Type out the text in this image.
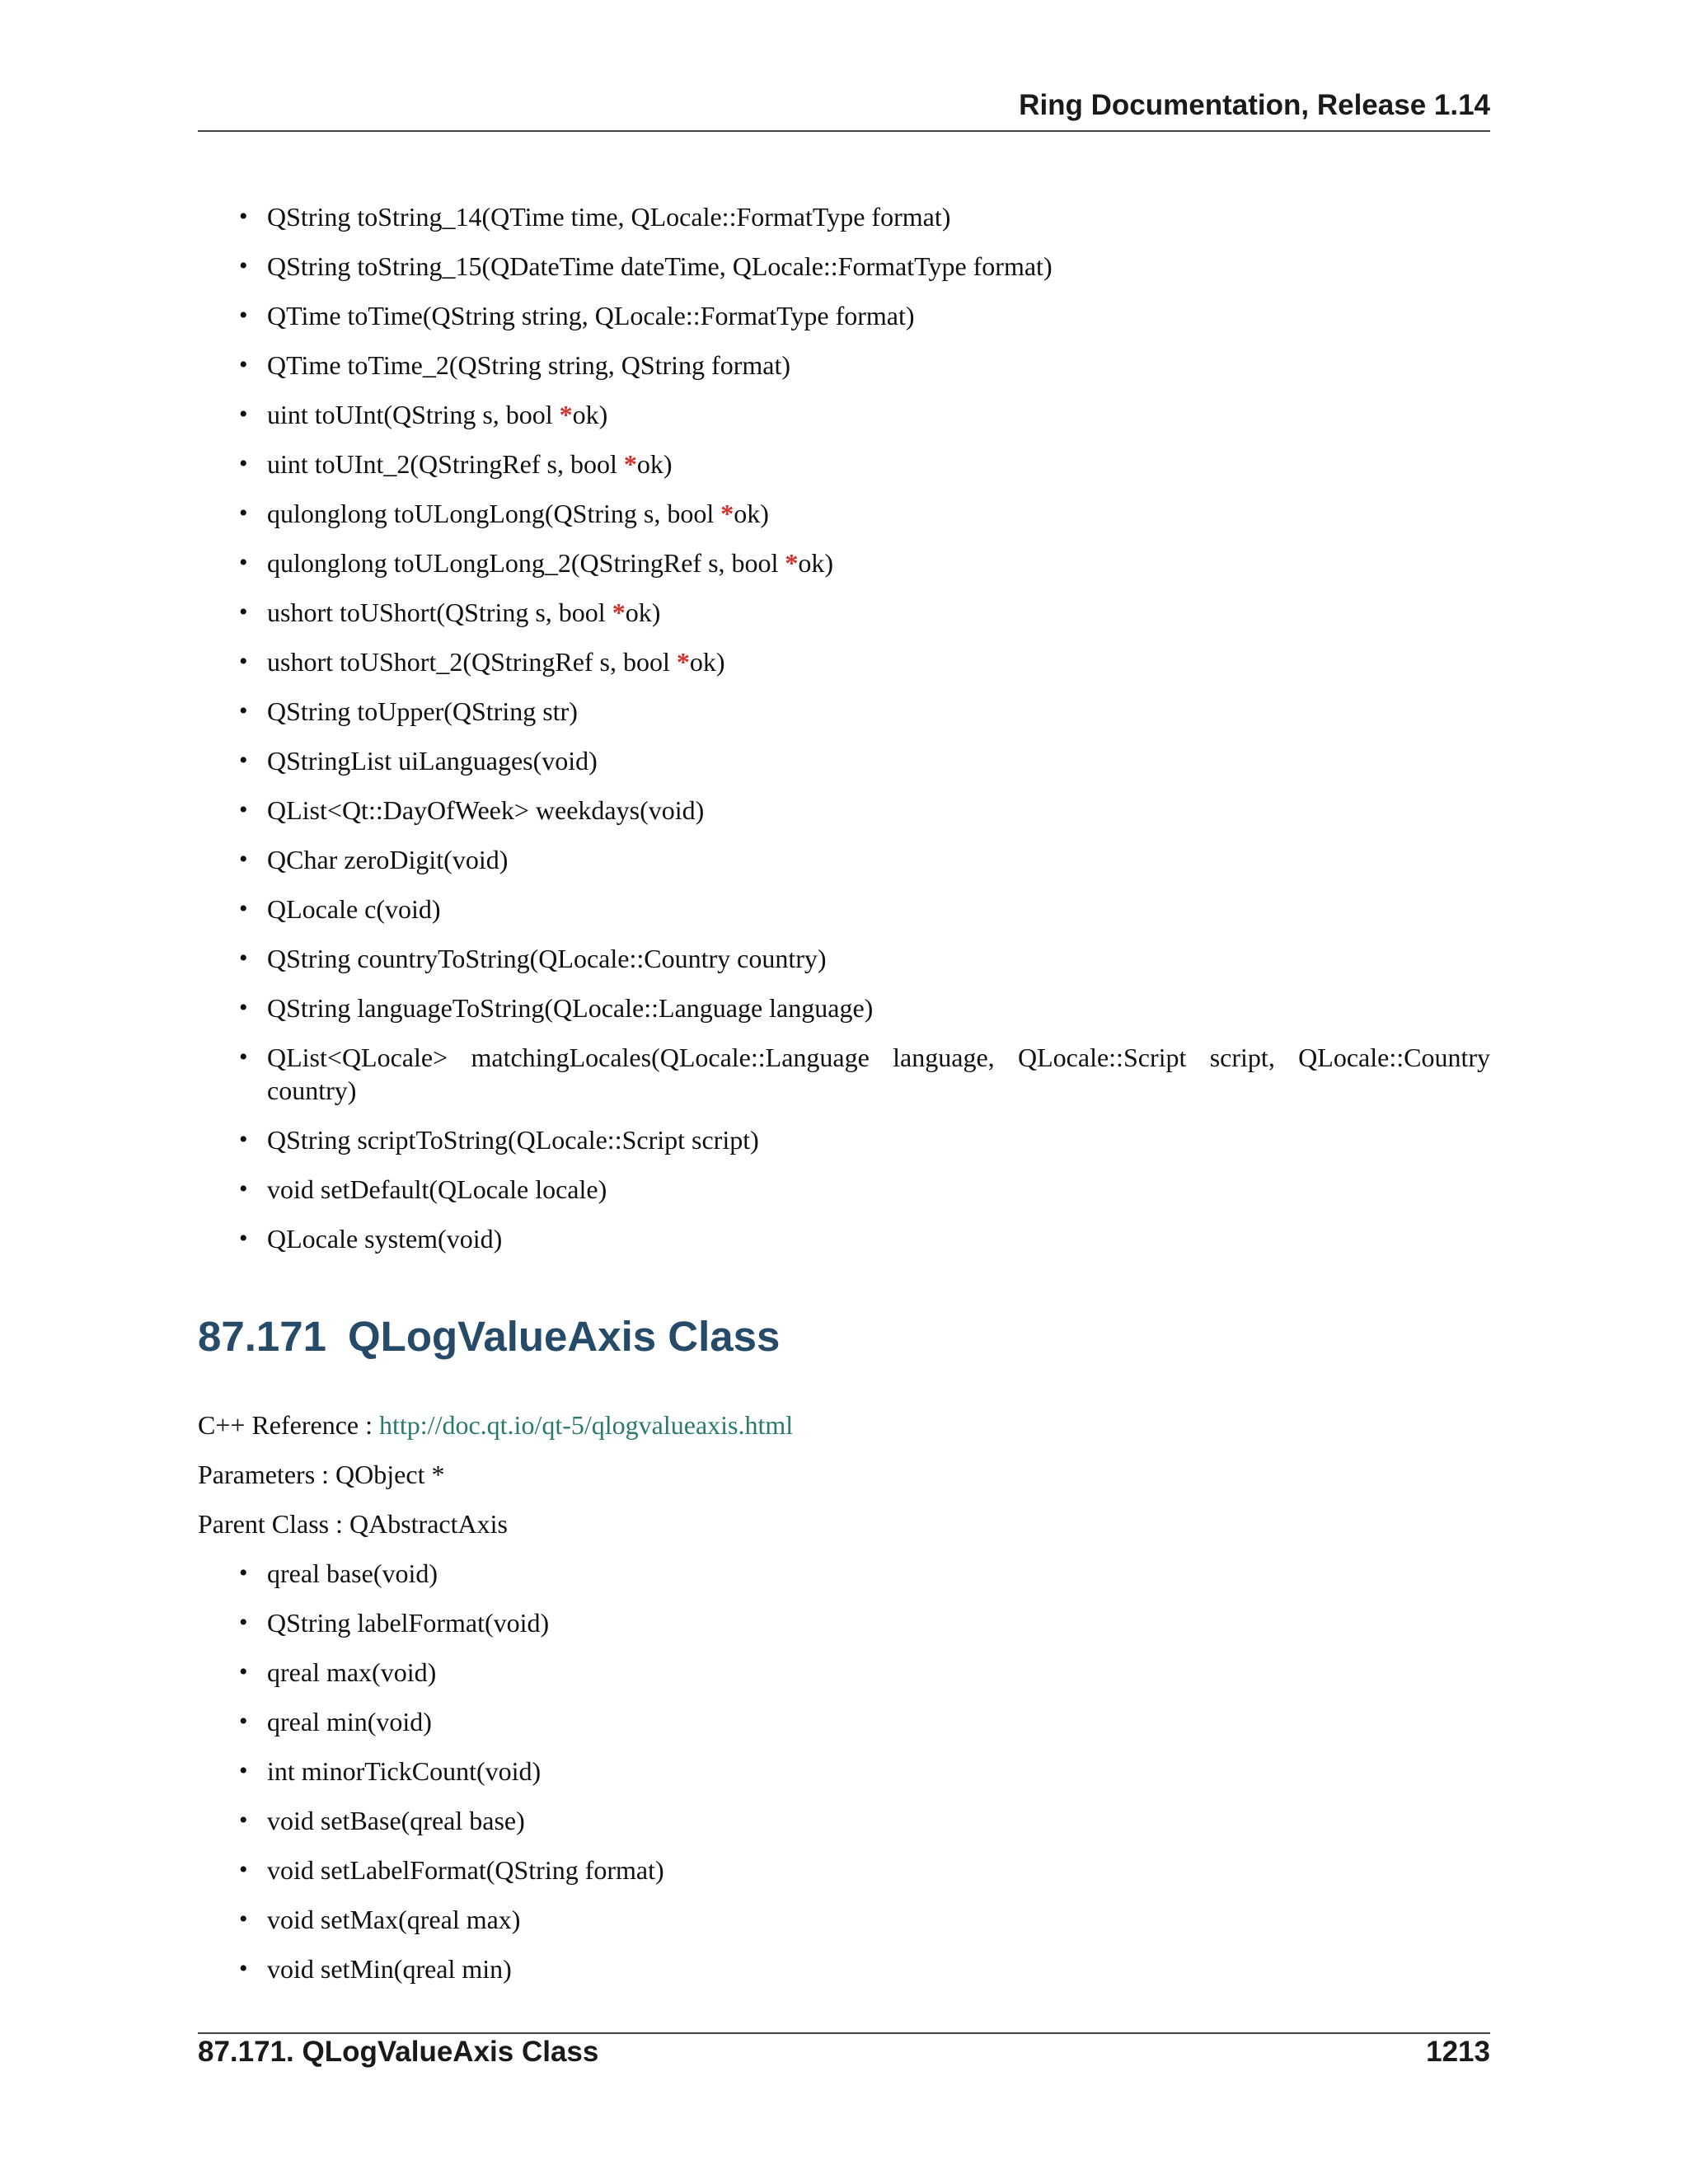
Ring Documentation, Release 1.14
• QString toString_14(QTime time, QLocale::FormatType format)
• QString toString_15(QDateTime dateTime, QLocale::FormatType format)
• QTime toTime(QString string, QLocale::FormatType format)
• QTime toTime_2(QString string, QString format)
• uint toUInt(QString s, bool *ok)
• uint toUInt_2(QStringRef s, bool *ok)
• qulonglong toULongLong(QString s, bool *ok)
• qulonglong toULongLong_2(QStringRef s, bool *ok)
• ushort toUShort(QString s, bool *ok)
• ushort toUShort_2(QStringRef s, bool *ok)
• QString toUpper(QString str)
• QStringList uiLanguages(void)
• QList<Qt::DayOfWeek> weekdays(void)
• QChar zeroDigit(void)
• QLocale c(void)
• QString countryToString(QLocale::Country country)
• QString languageToString(QLocale::Language language)
• QList<QLocale> matchingLocales(QLocale::Language language, QLocale::Script script, QLocale::Country country)
• QString scriptToString(QLocale::Script script)
• void setDefault(QLocale locale)
• QLocale system(void)
87.171 QLogValueAxis Class
C++ Reference : http://doc.qt.io/qt-5/qlogvalueaxis.html
Parameters : QObject *
Parent Class : QAbstractAxis
• qreal base(void)
• QString labelFormat(void)
• qreal max(void)
• qreal min(void)
• int minorTickCount(void)
• void setBase(qreal base)
• void setLabelFormat(QString format)
• void setMax(qreal max)
• void setMin(qreal min)
87.171. QLogValueAxis Class	1213
